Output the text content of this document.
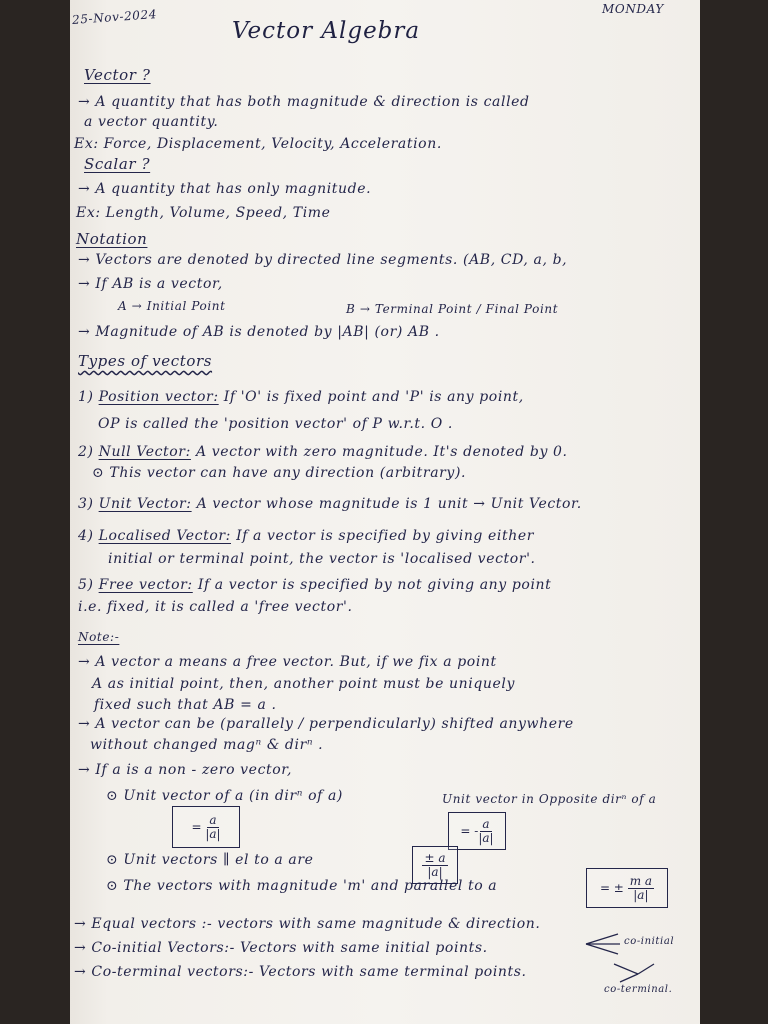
25-Nov-2024	MONDAY
Vector Algebra
Vector ?
→ A quantity that has both magnitude & direction is called
a vector quantity.
Ex: Force, Displacement, Velocity, Acceleration.
Scalar ?
→ A quantity that has only magnitude.
Ex: Length, Volume, Speed, Time
Notation
→ Vectors are denoted by directed line segments. (AB, CD, a, b,
→ If AB is a vector,
A → Initial Point	B → Terminal Point / Final Point
→ Magnitude of AB is denoted by |AB| (or) AB .
Types of vectors
1) Position vector: If 'O' is fixed point and 'P' is any point,
OP is called the 'position vector' of P w.r.t. O .
2) Null Vector: A vector with zero magnitude. It's denoted by 0.
⊙ This vector can have any direction (arbitrary).
3) Unit Vector: A vector whose magnitude is 1 unit → Unit Vector.
4) Localised Vector: If a vector is specified by giving either
initial or terminal point, the vector is 'localised vector'.
5) Free vector: If a vector is specified by not giving any point
i.e. fixed, it is called a 'free vector'.
Note:-
→ A vector a means a free vector. But, if we fix a point
A as initial point, then, another point must be uniquely
fixed such that AB = a .
→ A vector can be (parallely / perpendicularly) shifted anywhere
without changed magⁿ & dirⁿ .
→ If a is a non - zero vector,
⊙ Unit vector of a (in dirⁿ of a)	Unit vector in Opposite dirⁿ of a
= $\frac{a}{|a|}$	= - $\frac{a}{|a|}$
⊙ Unit vectors ∥ el to a are	$\frac{\pm a}{|a|}$
⊙ The vectors with magnitude 'm' and parallel to a	= ±
$\frac{\text{m a}}{|a|}$
→ Equal vectors :- vectors with same magnitude & direction.
→ Co-initial Vectors:- Vectors with same initial points.
→ Co-terminal vectors:- Vectors with same terminal points.
co-initial
co-terminal.
